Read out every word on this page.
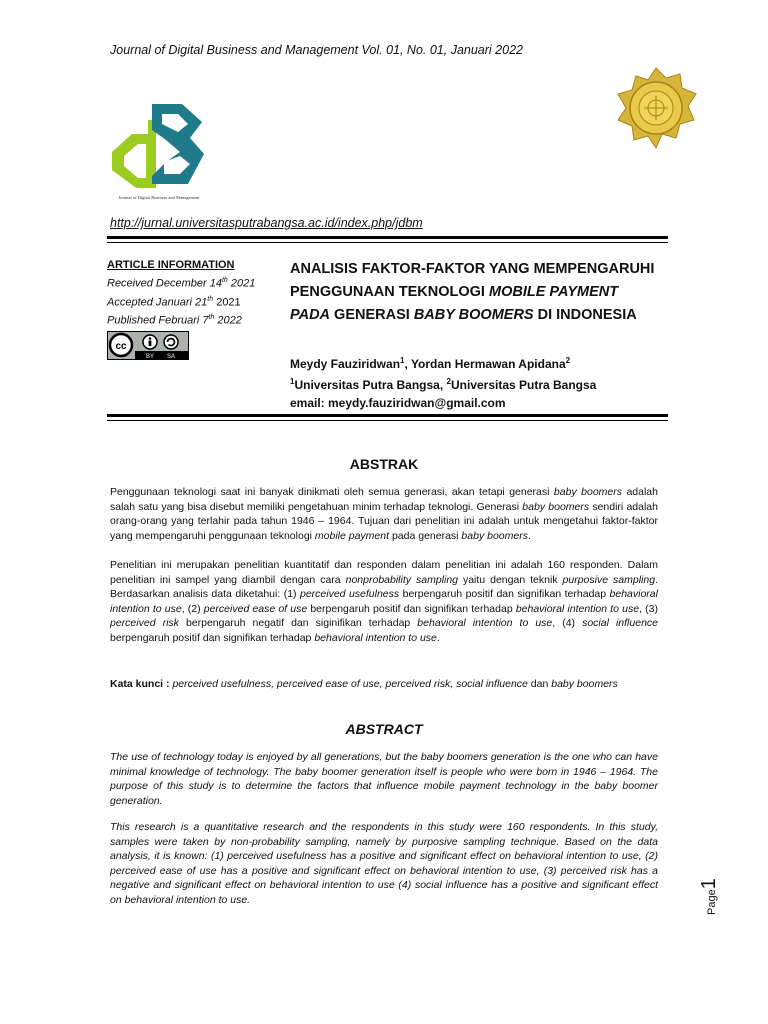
Journal of Digital Business and Management Vol. 01, No. 01, Januari 2022
Journal of Digital Business and Management
http://jurnal.universitasputrabangsa.ac.id/index.php/jdbm
ARTICLE INFORMATION
Received December 14th 2021
Accepted Januari 21th 2021
Published Februari 7th 2022
cc
BY SA
ANALISIS FAKTOR-FAKTOR YANG MEMPENGARUHI
PENGGUNAAN TEKNOLOGI MOBILE PAYMENT
PADA GENERASI BABY BOOMERS DI INDONESIA
Meydy Fauziridwan$^1$, Yordan Hermawan Apidana$^2$
$^1$Universitas Putra Bangsa, $^2$Universitas Putra Bangsa
email: meydy.fauziridwan@gmail.com
ABSTRAK
Penggunaan teknologi saat ini banyak dinikmati oleh semua generasi, akan tetapi generasi baby boomers adalah salah satu yang bisa disebut memiliki pengetahuan minim terhadap teknologi. Generasi baby boomers sendiri adalah orang-orang yang terlahir pada tahun 1946 – 1964. Tujuan dari penelitian ini adalah untuk mengetahui faktor-faktor yang mempengaruhi penggunaan teknologi mobile payment pada generasi baby boomers.
Penelitian ini merupakan penelitian kuantitatif dan responden dalam penelitian ini adalah 160 responden. Dalam penelitian ini sampel yang diambil dengan cara nonprobability sampling yaitu dengan teknik purposive sampling. Berdasarkan analisis data diketahui: (1) perceived usefulness berpengaruh positif dan signifikan terhadap behavioral intention to use, (2) perceived ease of use berpengaruh positif dan signifikan terhadap behavioral intention to use, (3) perceived risk berpengaruh negatif dan siginifikan terhadap behavioral intention to use, (4) social influence berpengaruh positif dan signifikan terhadap behavioral intention to use.
Kata kunci : perceived usefulness, perceived ease of use, perceived risk, social influence dan baby boomers
ABSTRACT
The use of technology today is enjoyed by all generations, but the baby boomers generation is the one who can have minimal knowledge of technology. The baby boomer generation itself is people who were born in 1946 – 1964. The purpose of this study is to determine the factors that influence mobile payment technology in the baby boomer generation.
This research is a quantitative research and the respondents in this study were 160 respondents. In this study, samples were taken by non-probability sampling, namely by purposive sampling technique. Based on the data analysis, it is known: (1) perceived usefulness has a positive and significant effect on behavioral intention to use, (2) perceived ease of use has a positive and significant effect on behavioral intention to use, (3) perceived risk has a negative and significant effect on behavioral intention to use (4) social influence has a positive and significant effect on behavioral intention to use.	Page1
